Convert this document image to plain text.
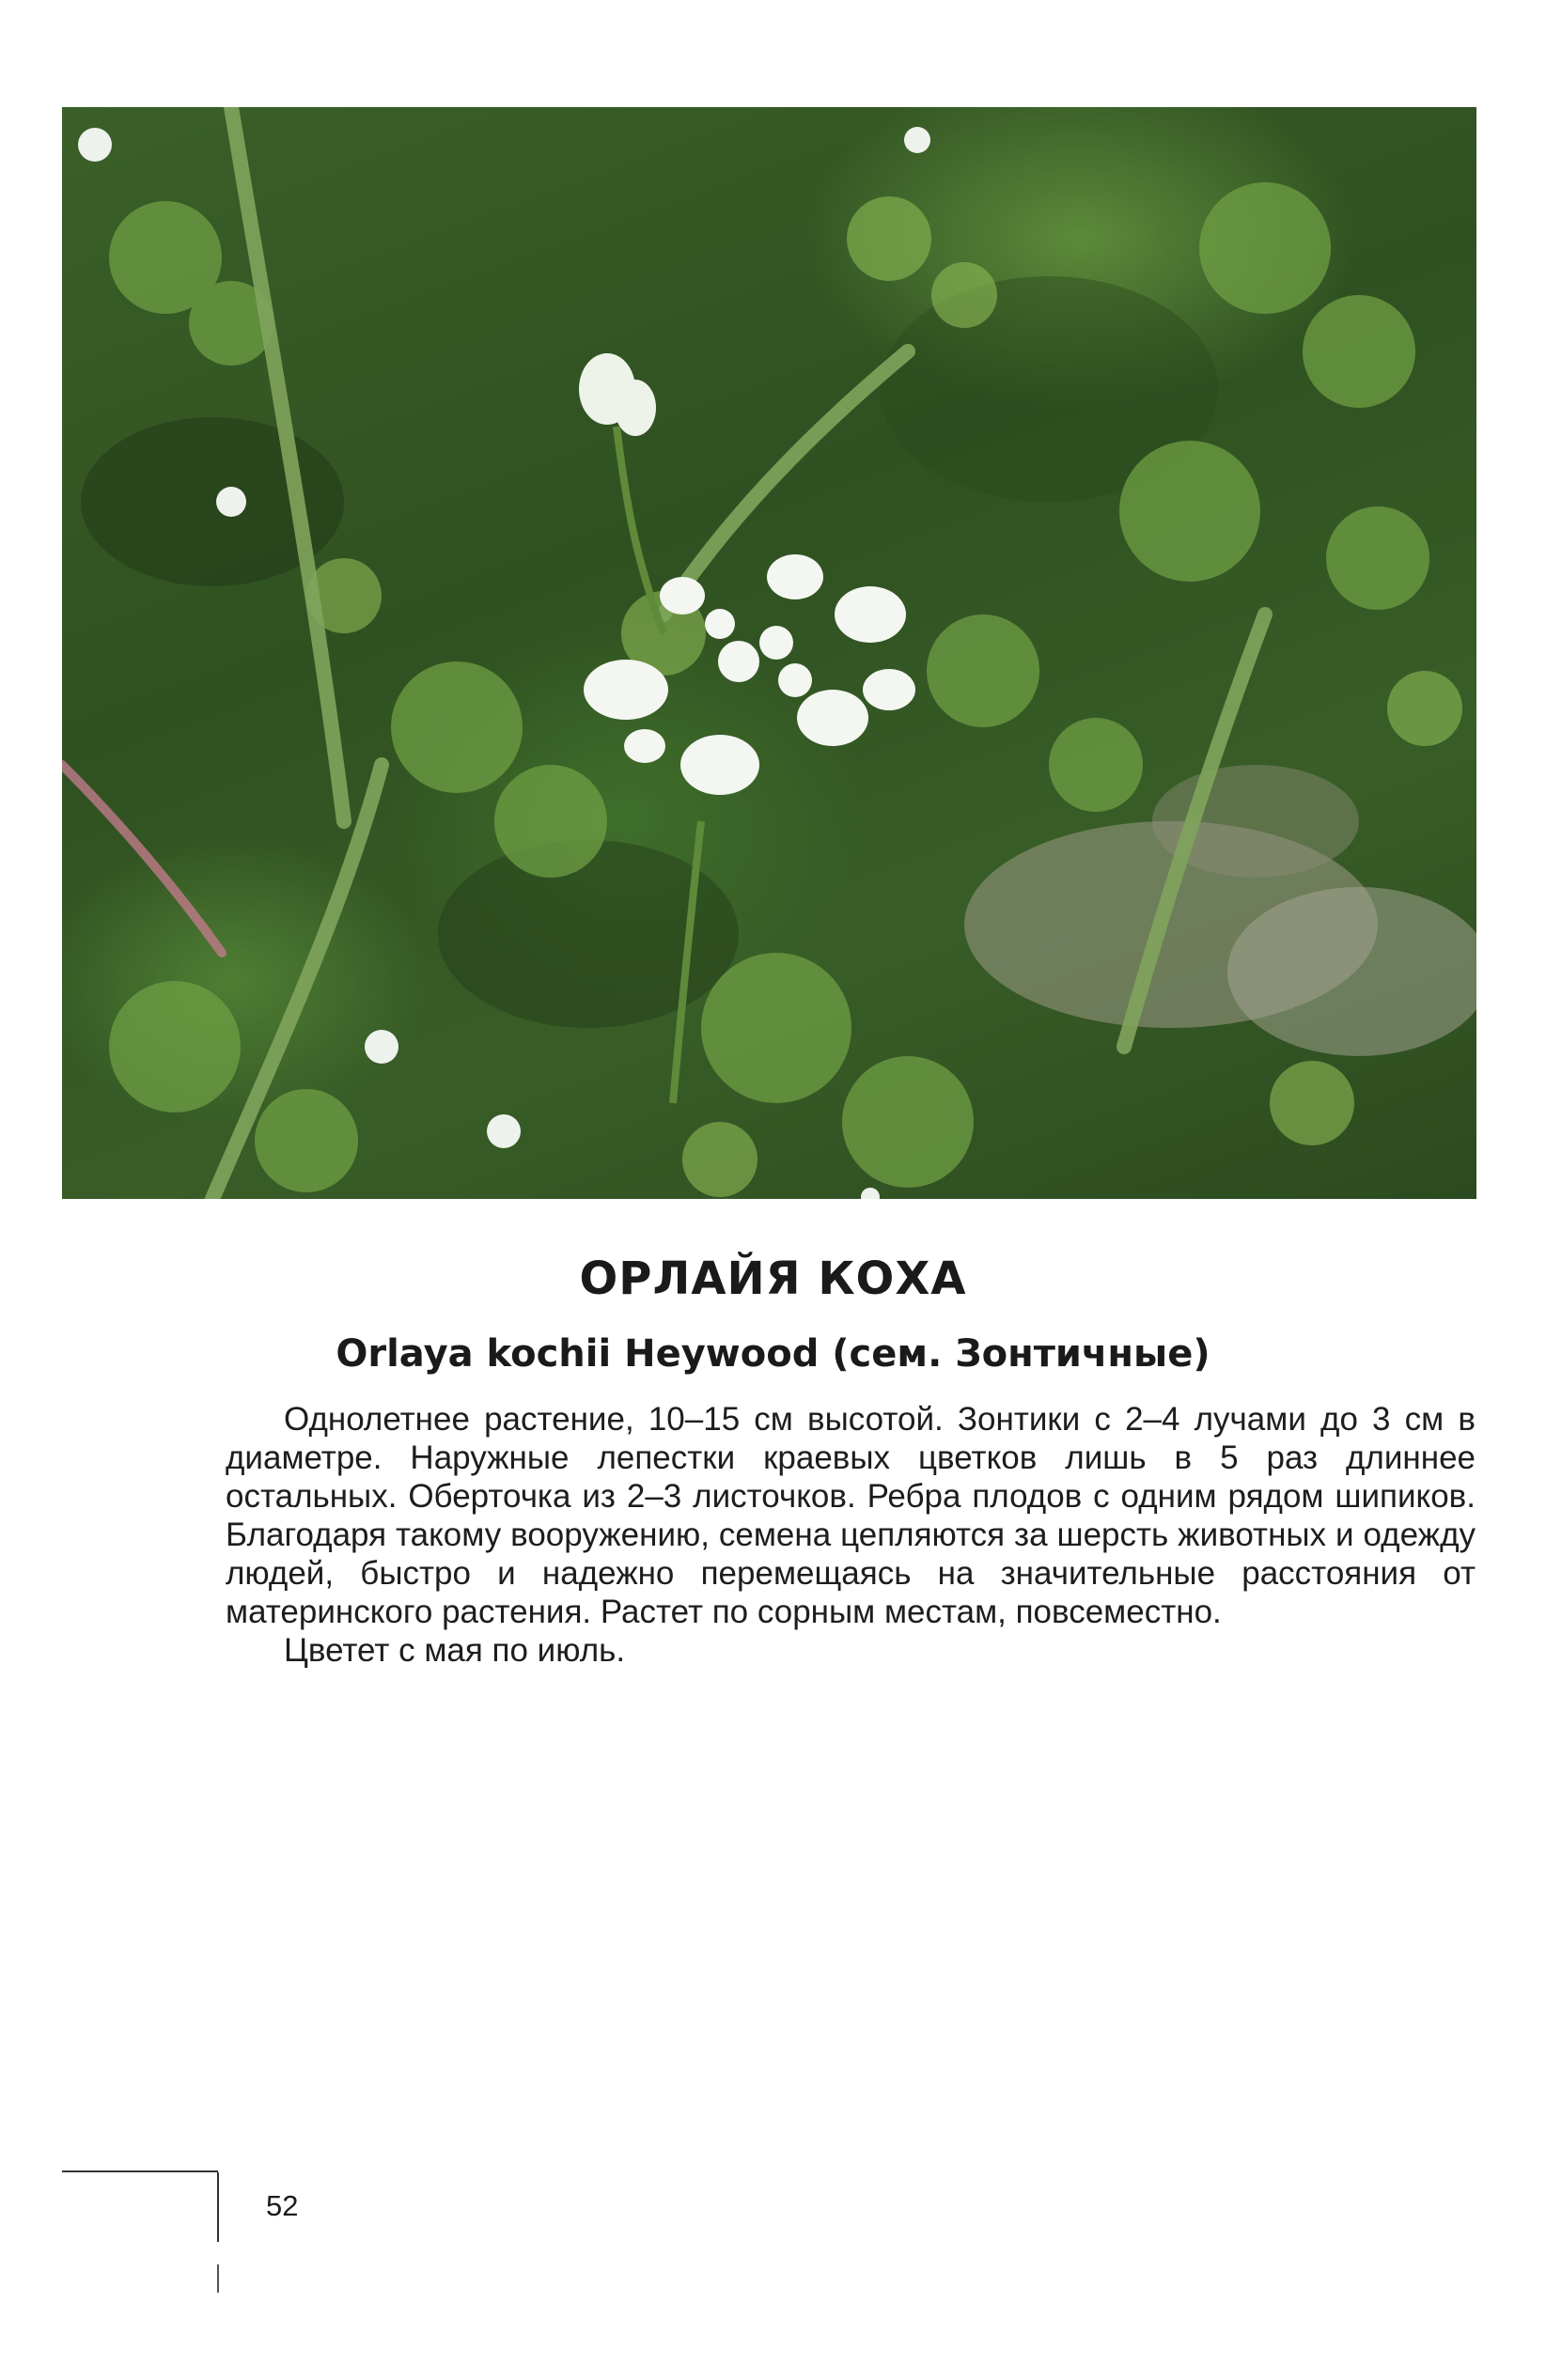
ОРЛАЙЯ КОХА
Orlaya kochii Heywood (сем. Зонтичные)

Однолетнее растение, 10–15 см высотой. Зонтики с 2–4 лучами до 3 см в диаметре. Наружные лепестки краевых цветков лишь в 5 раз длиннее остальных. Оберточка из 2–3 листочков. Ребра плодов с одним рядом шипиков. Благодаря такому вооружению, семена цепляются за шерсть животных и одежду людей, быстро и надежно перемещаясь на значительные расстояния от материнского растения. Растет по сорным местам, повсеместно.

Цветет с мая по июль.

52
